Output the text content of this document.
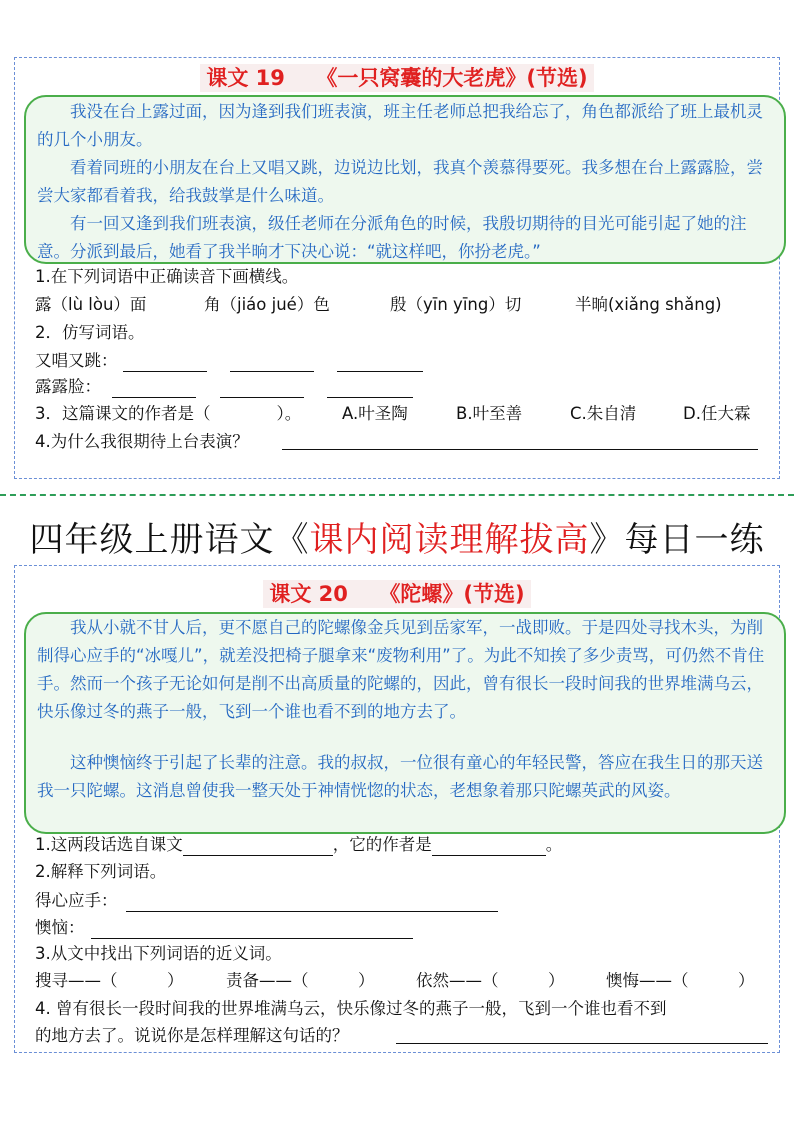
课文 19　　《一只窝囊的大老虎》(节选)
我没在台上露过面，因为逢到我们班表演，班主任老师总把我给忘了，角色都派给了班上最机灵的几个小朋友。
看着同班的小朋友在台上又唱又跳，边说边比划，我真个羡慕得要死。我多想在台上露露脸，尝尝大家都看着我，给我鼓掌是什么味道。
有一回又逢到我们班表演，级任老师在分派角色的时候，我殷切期待的目光可能引起了她的注意。分派到最后，她看了我半晌才下决心说：“就这样吧，你扮老虎。”
1.在下列词语中正确读音下画横线。
露（lù lòu）面	角（jiáo jué）色	殷（yīn yīng）切	半晌(xiǎng shǎng)
2．仿写词语。
又唱又跳：
露露脸：
3．这篇课文的作者是（　　　　）。 A.叶圣陶	B.叶至善	C.朱自清	D.任大霖
4.为什么我很期待上台表演？
四年级上册语文《课内阅读理解拔高》每日一练
课文 20　　《陀螺》(节选)
我从小就不甘人后，更不愿自己的陀螺像金兵见到岳家军，一战即败。于是四处寻找木头，为削制得心应手的“冰嘎儿”，就差没把椅子腿拿来“废物利用”了。为此不知挨了多少责骂，可仍然不肯住手。然而一个孩子无论如何是削不出高质量的陀螺的，因此，曾有很长一段时间我的世界堆满乌云，快乐像过冬的燕子一般，飞到一个谁也看不到的地方去了。
这种懊恼终于引起了长辈的注意。我的叔叔，一位很有童心的年轻民警，答应在我生日的那天送我一只陀螺。这消息曾使我一整天处于神情恍惚的状态，老想象着那只陀螺英武的风姿。
1.这两段话选自课文	，它的作者是	。
2.解释下列词语。
得心应手：
懊恼：
3.从文中找出下列词语的近义词。
搜寻——（　　　）	责备——（　　　）	依然——（　　　）	懊悔——（　　　）
4. 曾有很长一段时间我的世界堆满乌云，快乐像过冬的燕子一般，飞到一个谁也看不到
的地方去了。说说你是怎样理解这句话的？
